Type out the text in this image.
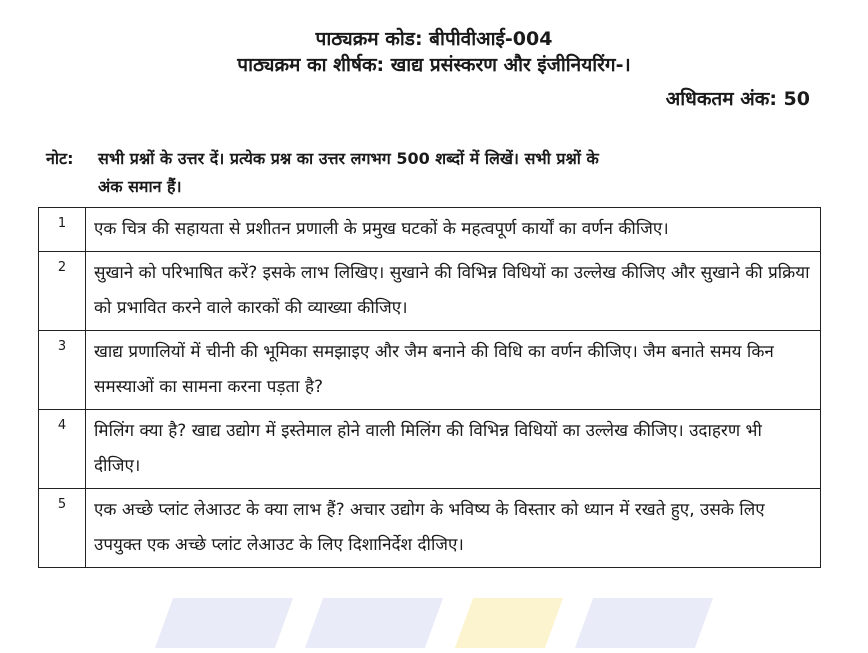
पाठ्यक्रम कोड: बीपीवीआई-004
पाठ्यक्रम का शीर्षक: खाद्य प्रसंस्करण और इंजीनियरिंग-।
अधिकतम अंक: 50
नोट: सभी प्रश्नों के उत्तर दें। प्रत्येक प्रश्न का उत्तर लगभग 500 शब्दों में लिखें। सभी प्रश्नों के
अंक समान हैं।
1	एक चित्र की सहायता से प्रशीतन प्रणाली के प्रमुख घटकों के महत्वपूर्ण कार्यों का वर्णन कीजिए।
2	सुखाने को परिभाषित करें? इसके लाभ लिखिए। सुखाने की विभिन्न विधियों का उल्लेख कीजिए और सुखाने की प्रक्रिया को प्रभावित करने वाले कारकों की व्याख्या कीजिए।
3	खाद्य प्रणालियों में चीनी की भूमिका समझाइए और जैम बनाने की विधि का वर्णन कीजिए। जैम बनाते समय किन समस्याओं का सामना करना पड़ता है?
4	मिलिंग क्या है? खाद्य उद्योग में इस्तेमाल होने वाली मिलिंग की विभिन्न विधियों का उल्लेख कीजिए। उदाहरण भी दीजिए।
5	एक अच्छे प्लांट लेआउट के क्या लाभ हैं? अचार उद्योग के भविष्य के विस्तार को ध्यान में रखते हुए, उसके लिए उपयुक्त एक अच्छे प्लांट लेआउट के लिए दिशानिर्देश दीजिए।
